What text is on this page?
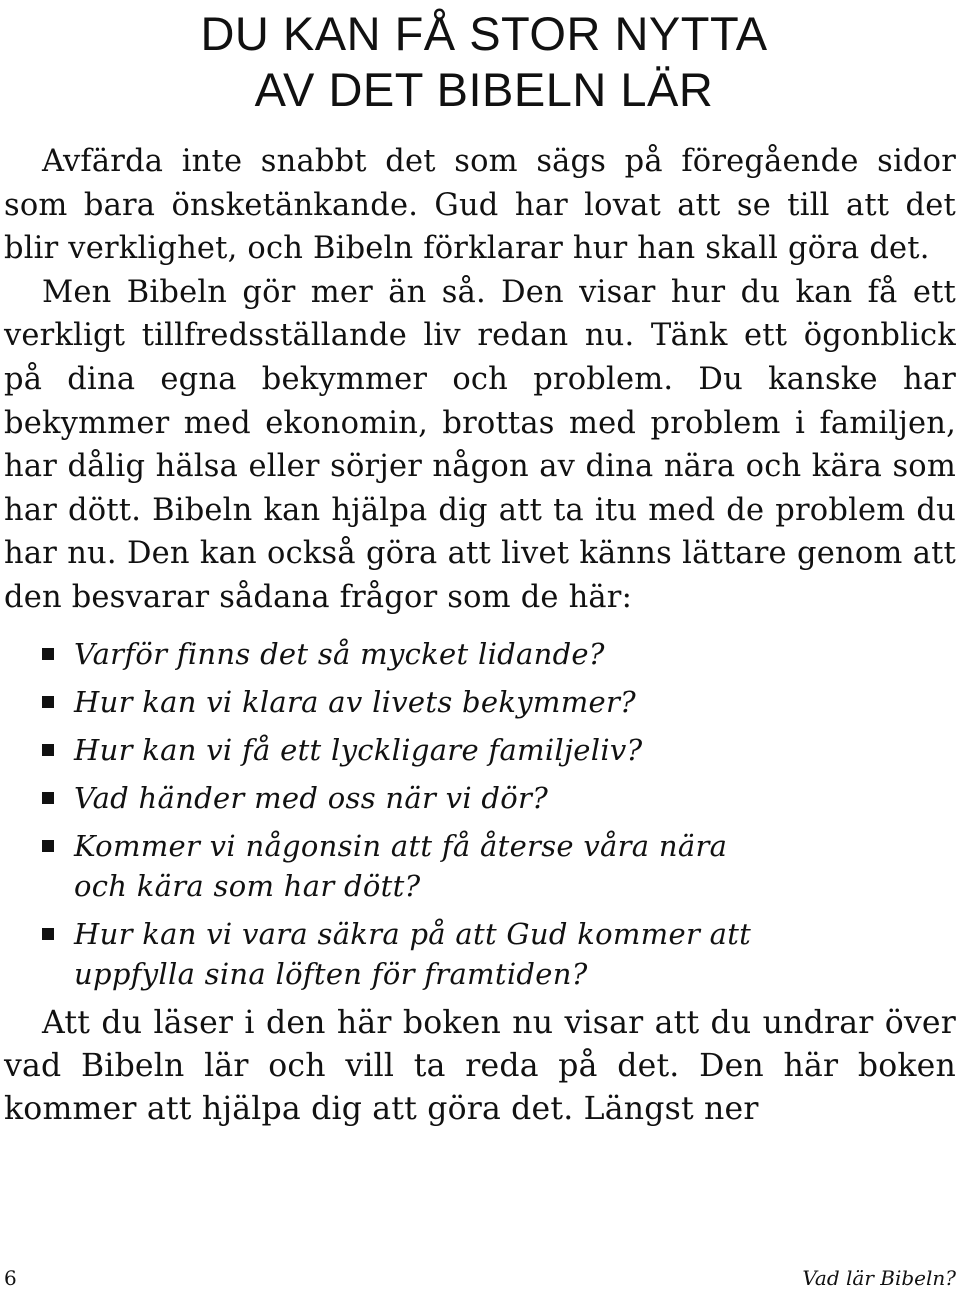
DU KAN FÅ STOR NYTTA
AV DET BIBELN LÄR

Avfärda inte snabbt det som sägs på föregående sidor som bara önsketänkande. Gud har lovat att se till att det blir verklighet, och Bibeln förklarar hur han skall göra det.

Men Bibeln gör mer än så. Den visar hur du kan få ett verkligt tillfredsställande liv redan nu. Tänk ett ögonblick på dina egna bekymmer och problem. Du kanske har bekymmer med ekonomin, brottas med problem i familjen, har dålig hälsa eller sörjer någon av dina nära och kära som har dött. Bibeln kan hjälpa dig att ta itu med de problem du har nu. Den kan också göra att livet känns lättare genom att den besvarar sådana frågor som de här:

Varför finns det så mycket lidande?
Hur kan vi klara av livets bekymmer?
Hur kan vi få ett lyckligare familjeliv?
Vad händer med oss när vi dör?
Kommer vi någonsin att få återse våra nära och kära som har dött?
Hur kan vi vara säkra på att Gud kommer att uppfylla sina löften för framtiden?

Att du läser i den här boken nu visar att du undrar över vad Bibeln lär och vill ta reda på det. Den här boken kommer att hjälpa dig att göra det. Längst ner

6	Vad lär Bibeln?
